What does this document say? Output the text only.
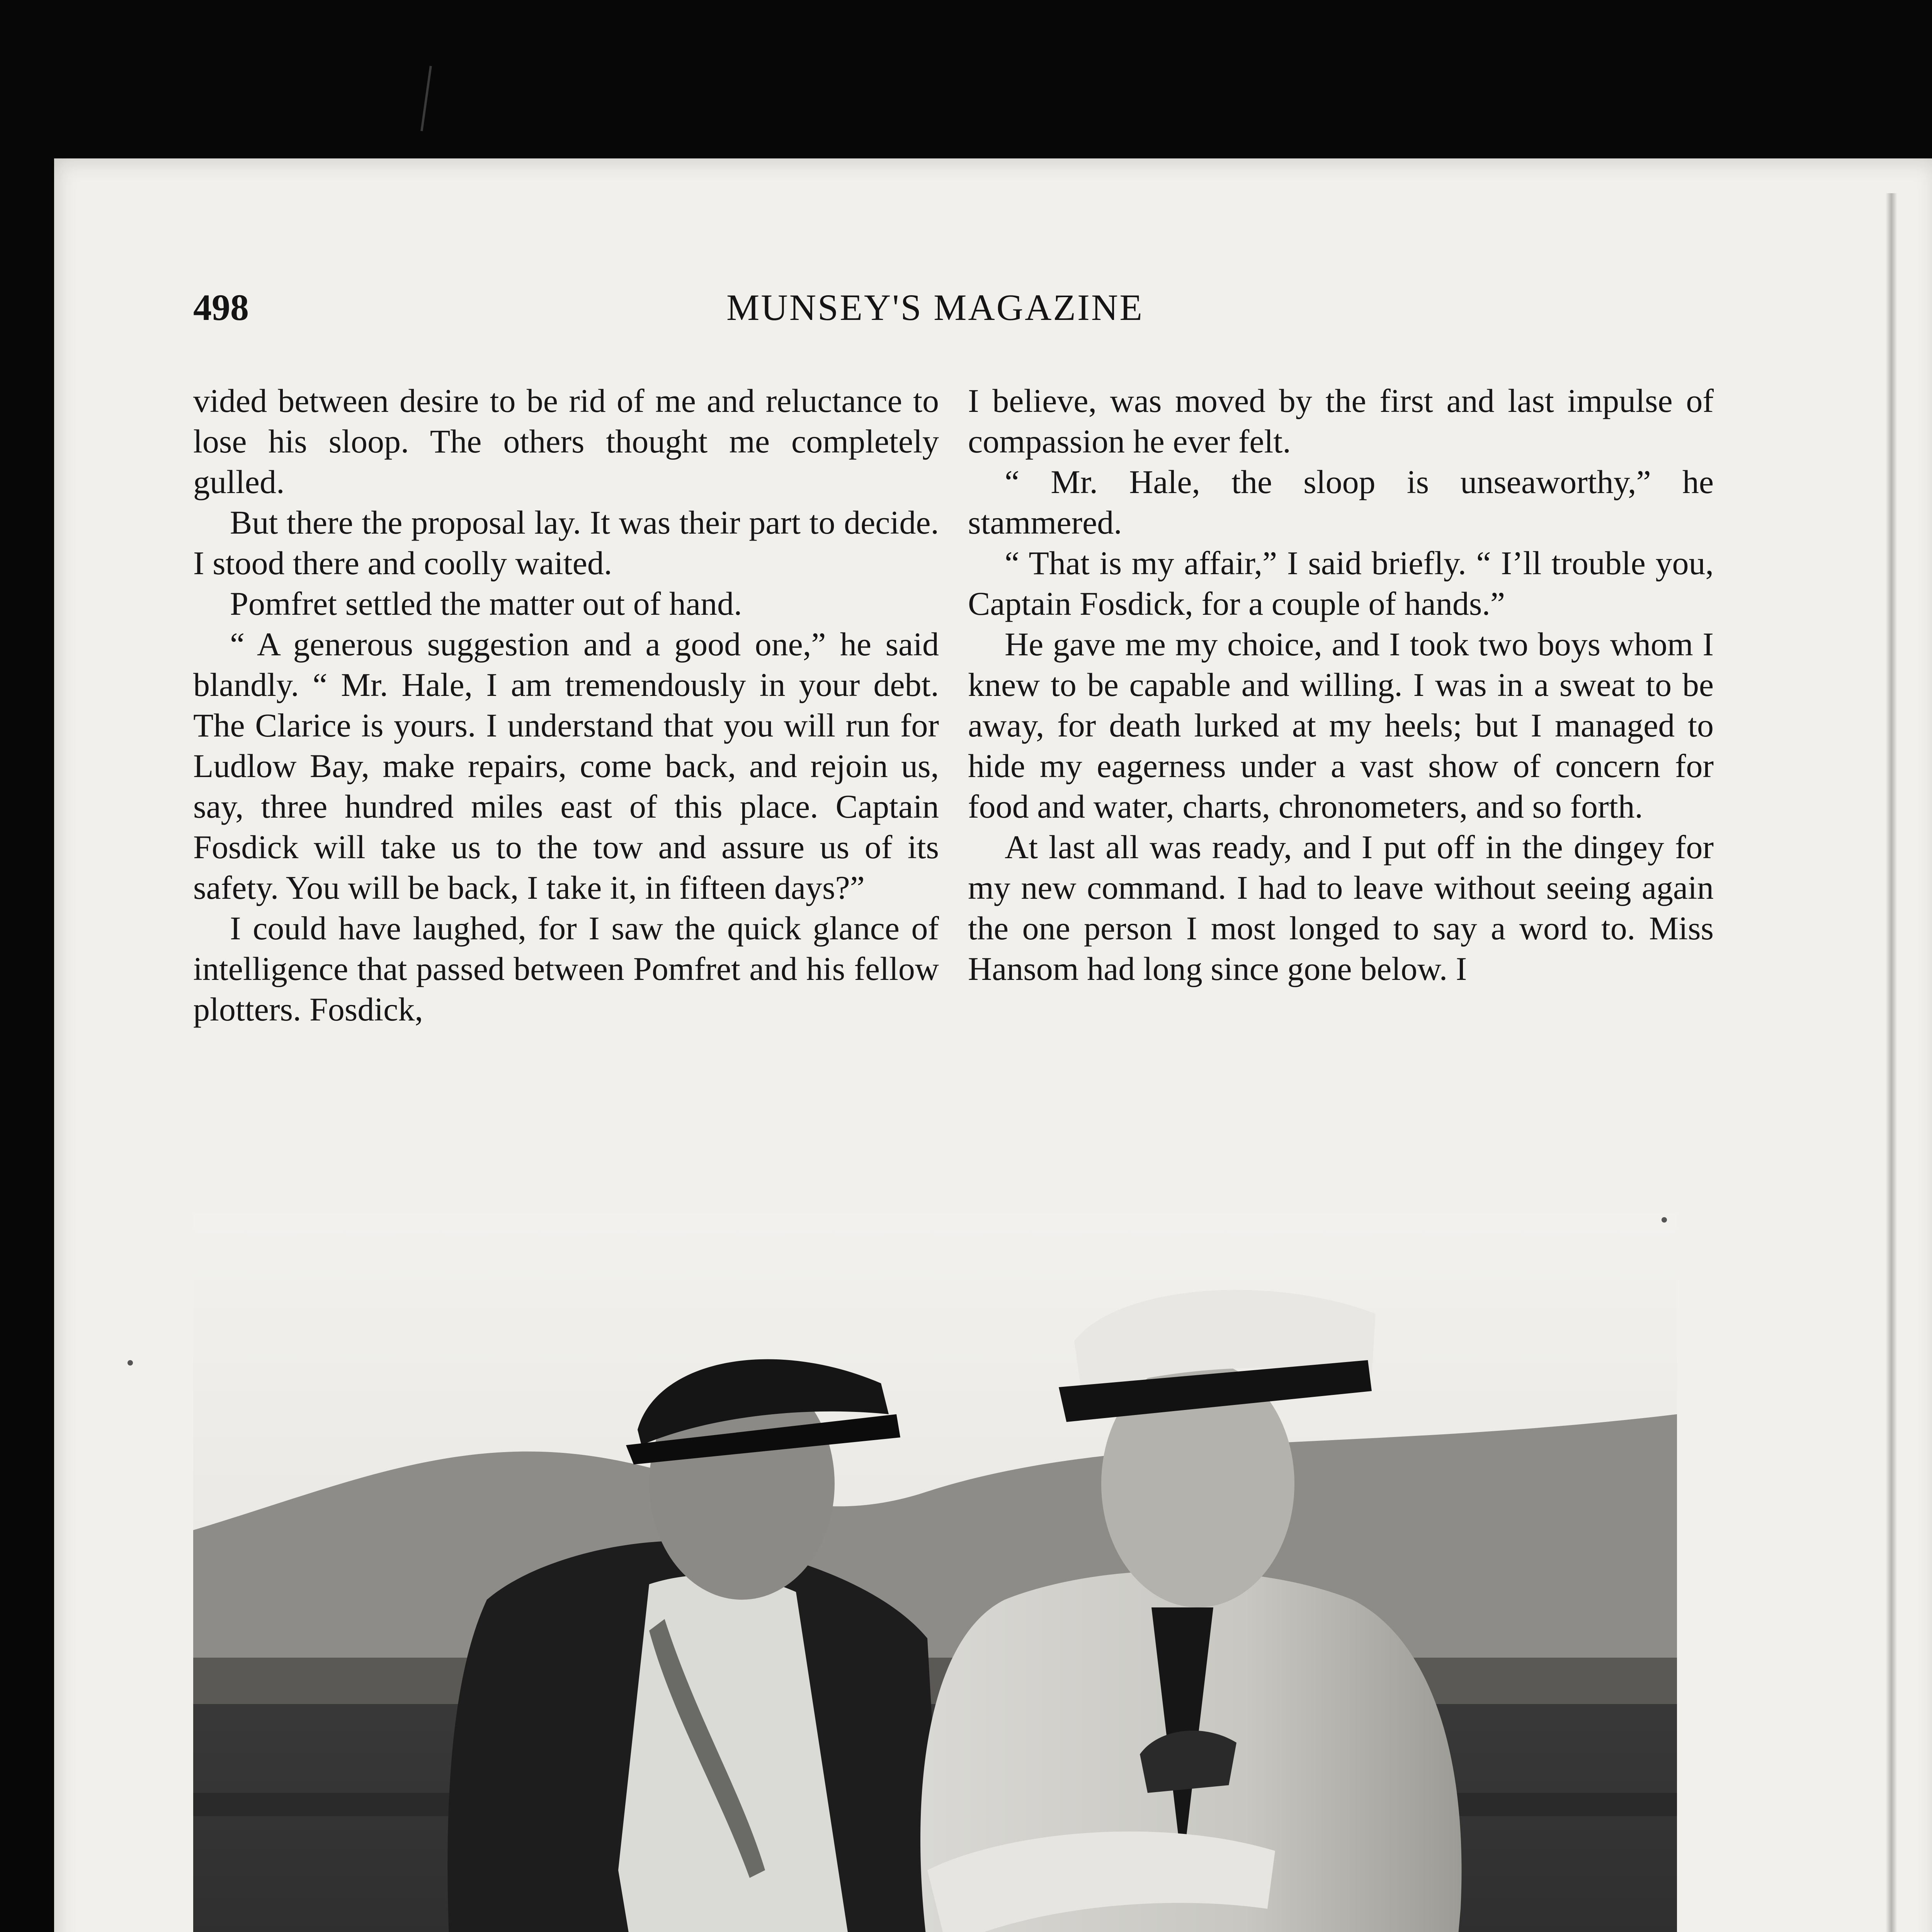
498	MUNSEY'S MAGAZINE

vided between desire to be rid of me and reluctance to lose his sloop. The others thought me completely gulled.

But there the proposal lay. It was their part to decide. I stood there and coolly waited.

Pomfret settled the matter out of hand.

“ A generous suggestion and a good one,” he said blandly. “ Mr. Hale, I am tremendously in your debt. The Clarice is yours. I understand that you will run for Ludlow Bay, make repairs, come back, and rejoin us, say, three hundred miles east of this place. Captain Fosdick will take us to the tow and assure us of its safety. You will be back, I take it, in fifteen days?”

I could have laughed, for I saw the quick glance of intelligence that passed between Pomfret and his fellow plotters. Fosdick,

I believe, was moved by the first and last impulse of compassion he ever felt.

“ Mr. Hale, the sloop is unseaworthy,” he stammered.

“ That is my affair,” I said briefly. “ I’ll trouble you, Captain Fosdick, for a couple of hands.”

He gave me my choice, and I took two boys whom I knew to be capable and willing. I was in a sweat to be away, for death lurked at my heels; but I managed to hide my eagerness under a vast show of concern for food and water, charts, chronometers, and so forth.

At last all was ready, and I put off in the dingey for my new command. I had to leave without seeing again the one person I most longed to say a word to. Miss Hansom had long since gone below. I
